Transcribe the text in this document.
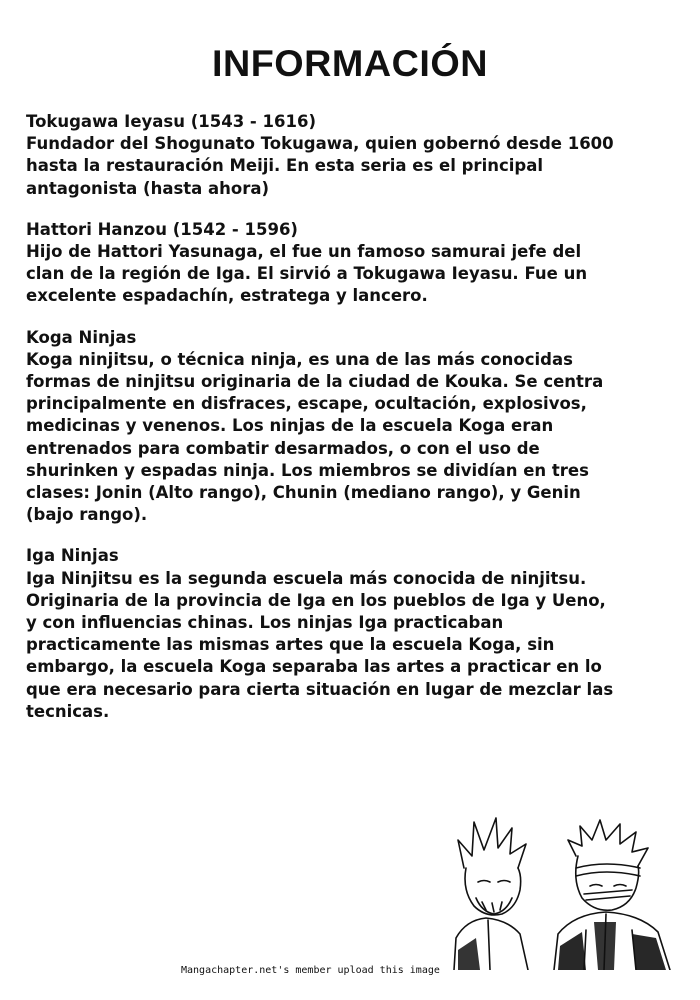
INFORMACIÓN

Tokugawa Ieyasu (1543 - 1616)

Fundador del Shogunato Tokugawa, quien gobernó desde 1600
hasta la restauración Meiji. En esta seria es el principal
antagonista (hasta ahora)

Hattori Hanzou (1542 - 1596)

Hijo de Hattori Yasunaga, el fue un famoso samurai jefe del
clan de la región de Iga. El sirvió a Tokugawa Ieyasu. Fue un
excelente espadachín, estratega y lancero.

Koga Ninjas

Koga ninjitsu, o técnica ninja, es una de las más conocidas
formas de ninjitsu originaria de la ciudad de Kouka. Se centra
principalmente en disfraces, escape, ocultación, explosivos,
medicinas y venenos. Los ninjas de la escuela Koga eran
entrenados para combatir desarmados, o con el uso de
shurinken y espadas ninja. Los miembros se dividían en tres
clases: Jonin (Alto rango), Chunin (mediano rango), y Genin
(bajo rango).

Iga Ninjas

Iga Ninjitsu es la segunda escuela más conocida de ninjitsu.
Originaria de la provincia de Iga en los pueblos de Iga y Ueno,
y con influencias chinas. Los ninjas Iga practicaban
practicamente las mismas artes que la escuela Koga, sin
embargo, la escuela Koga separaba las artes a practicar en lo
que era necesario para cierta situación en lugar de mezclar las
tecnicas.

Mangachapter.net's member upload this image
